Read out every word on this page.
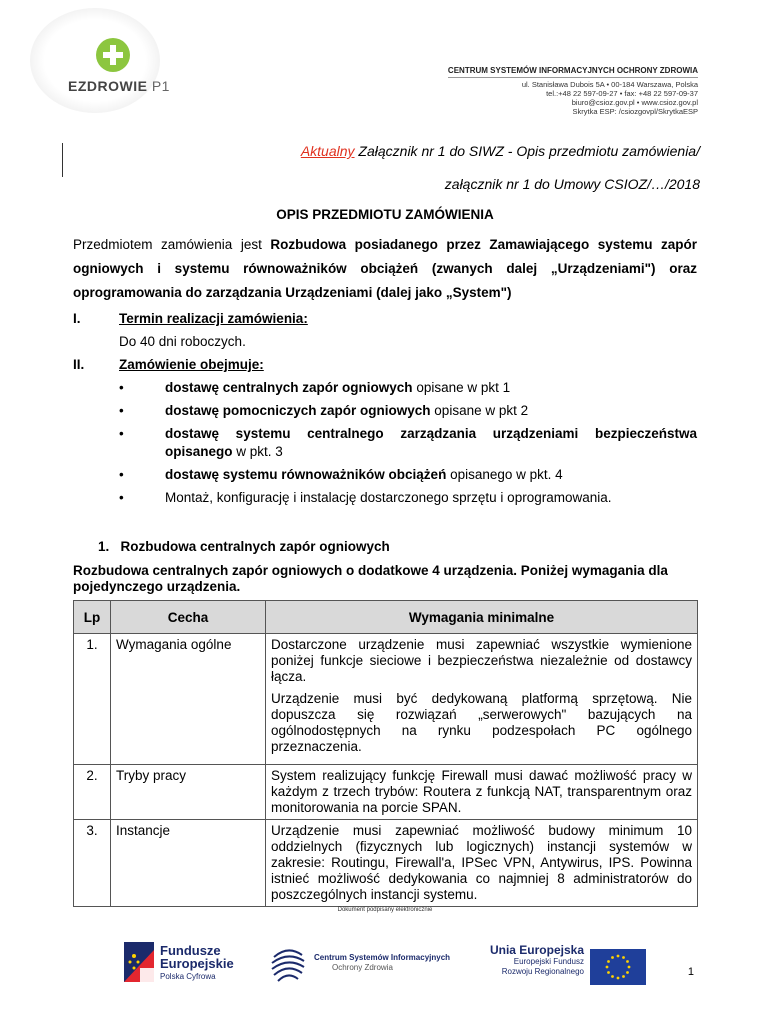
EZDROWIE P1
CENTRUM SYSTEMÓW INFORMACYJNYCH OCHRONY ZDROWIA
ul. Stanisława Dubois 5A • 00-184 Warszawa, Polska
tel.:+48 22 597-09-27 • fax: +48 22 597-09-37
biuro@csioz.gov.pl • www.csioz.gov.pl
Skrytka ESP: /csiozgovpl/SkrytkaESP
Aktualny Załącznik nr 1 do SIWZ - Opis przedmiotu zamówienia/
załącznik nr 1 do Umowy CSIOZ/…/2018
OPIS PRZEDMIOTU ZAMÓWIENIA
Przedmiotem zamówienia jest Rozbudowa posiadanego przez Zamawiającego systemu zapór ogniowych i systemu równoważników obciążeń (zwanych dalej „Urządzeniami") oraz oprogramowania do zarządzania Urządzeniami (dalej jako „System")
I.	Termin realizacji zamówienia:
Do 40 dni roboczych.
II.	Zamówienie obejmuje:
• dostawę centralnych zapór ogniowych opisane w pkt 1
• dostawę pomocniczych zapór ogniowych opisane w pkt 2
• dostawę systemu centralnego zarządzania urządzeniami bezpieczeństwa opisanego w pkt. 3
• dostawę systemu równoważników obciążeń opisanego w pkt. 4
• Montaż, konfigurację i instalację dostarczonego sprzętu i oprogramowania.
1.   Rozbudowa centralnych zapór ogniowych
Rozbudowa centralnych zapór ogniowych o dodatkowe 4 urządzenia. Poniżej wymagania dla pojedynczego urządzenia.
Lp	Cecha	Wymagania minimalne
1.	Wymagania ogólne	Dostarczone urządzenie musi zapewniać wszystkie wymienione poniżej funkcje sieciowe i bezpieczeństwa niezależnie od dostawcy łącza.

Urządzenie musi być dedykowaną platformą sprzętową. Nie dopuszcza się rozwiązań „serwerowych" bazujących na ogólnodostępnych na rynku podzespołach PC ogólnego przeznaczenia.

2.	Tryby pracy	System realizujący funkcję Firewall musi dawać możliwość pracy w każdym z trzech trybów: Routera z funkcją NAT, transparentnym oraz monitorowania na porcie SPAN.

3.	Instancje	Urządzenie musi zapewniać możliwość budowy minimum 10 oddzielnych (fizycznych lub logicznych) instancji systemów w zakresie: Routingu, Firewall'a, IPSec VPN, Antywirus, IPS. Powinna istnieć możliwość dedykowania co najmniej 8 administratorów do poszczególnych instancji systemu.

Dokument podpisany elektronicznie
Fundusze
Europejskie
Polska Cyfrowa
Centrum Systemów Informacyjnych
Ochrony Zdrowia
Unia Europejska
Europejski Fundusz
Rozwoju Regionalnego	1
